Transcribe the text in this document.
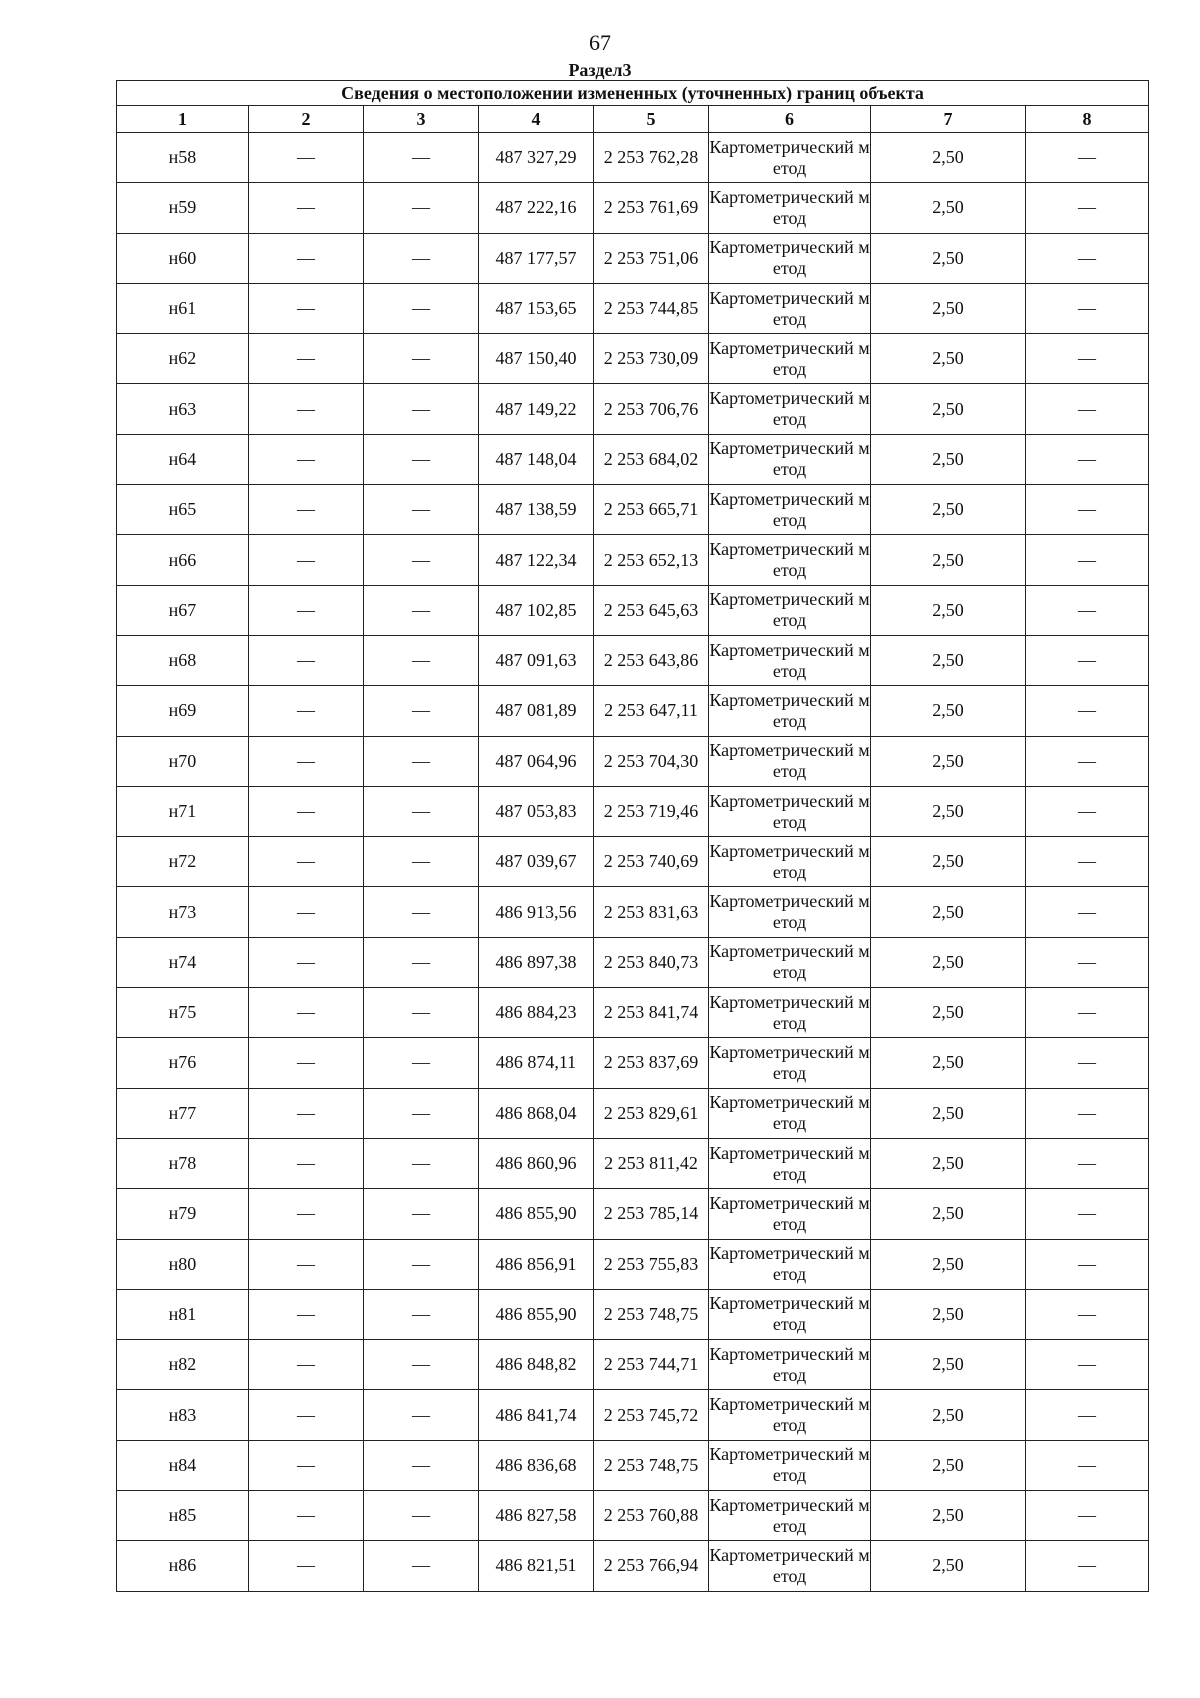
67
Раздел3
Сведения о местоположении измененных (уточненных) границ объекта							
1	2	3	4	5	6	7	8
н58	—	—	487 327,29	2 253 762,28	Картометрический метод	2,50	—
н59	—	—	487 222,16	2 253 761,69	Картометрический метод	2,50	—
н60	—	—	487 177,57	2 253 751,06	Картометрический метод	2,50	—
н61	—	—	487 153,65	2 253 744,85	Картометрический метод	2,50	—
н62	—	—	487 150,40	2 253 730,09	Картометрический метод	2,50	—
н63	—	—	487 149,22	2 253 706,76	Картометрический метод	2,50	—
н64	—	—	487 148,04	2 253 684,02	Картометрический метод	2,50	—
н65	—	—	487 138,59	2 253 665,71	Картометрический метод	2,50	—
н66	—	—	487 122,34	2 253 652,13	Картометрический метод	2,50	—
н67	—	—	487 102,85	2 253 645,63	Картометрический метод	2,50	—
н68	—	—	487 091,63	2 253 643,86	Картометрический метод	2,50	—
н69	—	—	487 081,89	2 253 647,11	Картометрический метод	2,50	—
н70	—	—	487 064,96	2 253 704,30	Картометрический метод	2,50	—
н71	—	—	487 053,83	2 253 719,46	Картометрический метод	2,50	—
н72	—	—	487 039,67	2 253 740,69	Картометрический метод	2,50	—
н73	—	—	486 913,56	2 253 831,63	Картометрический метод	2,50	—
н74	—	—	486 897,38	2 253 840,73	Картометрический метод	2,50	—
н75	—	—	486 884,23	2 253 841,74	Картометрический метод	2,50	—
н76	—	—	486 874,11	2 253 837,69	Картометрический метод	2,50	—
н77	—	—	486 868,04	2 253 829,61	Картометрический метод	2,50	—
н78	—	—	486 860,96	2 253 811,42	Картометрический метод	2,50	—
н79	—	—	486 855,90	2 253 785,14	Картометрический метод	2,50	—
н80	—	—	486 856,91	2 253 755,83	Картометрический метод	2,50	—
н81	—	—	486 855,90	2 253 748,75	Картометрический метод	2,50	—
н82	—	—	486 848,82	2 253 744,71	Картометрический метод	2,50	—
н83	—	—	486 841,74	2 253 745,72	Картометрический метод	2,50	—
н84	—	—	486 836,68	2 253 748,75	Картометрический метод	2,50	—
н85	—	—	486 827,58	2 253 760,88	Картометрический метод	2,50	—
н86	—	—	486 821,51	2 253 766,94	Картометрический метод	2,50	—
